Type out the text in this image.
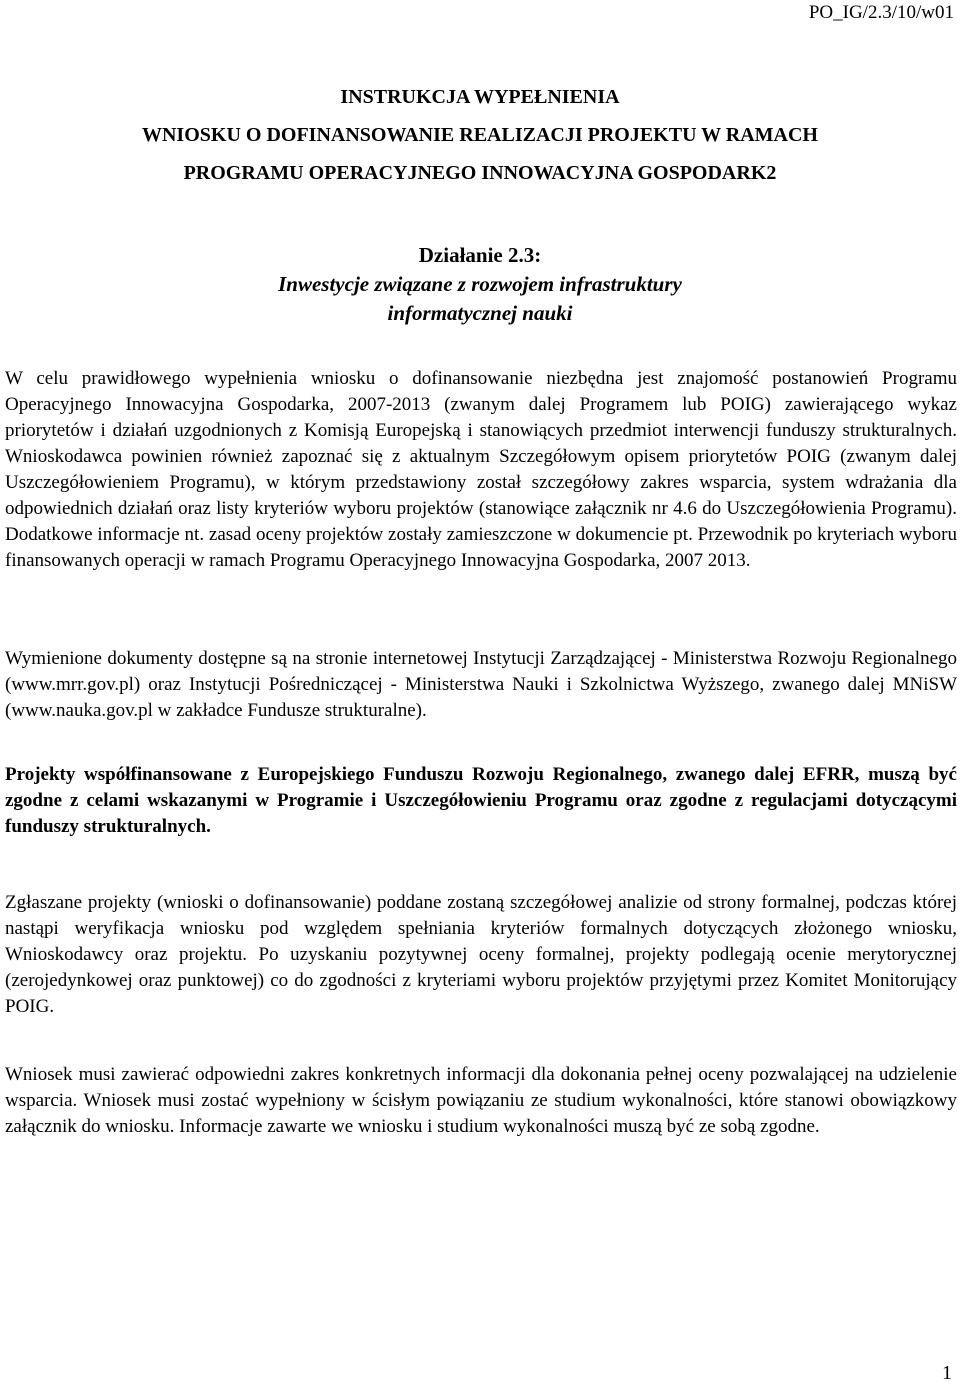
PO_IG/2.3/10/w01
INSTRUKCJA WYPEŁNIENIA
WNIOSKU O DOFINANSOWANIE REALIZACJI PROJEKTU W RAMACH
PROGRAMU OPERACYJNEGO INNOWACYJNA GOSPODARK2
Działanie 2.3:
Inwestycje związane z rozwojem infrastruktury
informatycznej nauki

W celu prawidłowego wypełnienia wniosku o dofinansowanie niezbędna jest znajomość postanowień Programu Operacyjnego Innowacyjna Gospodarka, 2007-2013 (zwanym dalej Programem lub POIG) zawierającego wykaz priorytetów i działań uzgodnionych z Komisją Europejską i stanowiących przedmiot interwencji funduszy strukturalnych. Wnioskodawca powinien również zapoznać się z aktualnym Szczegółowym opisem priorytetów POIG (zwanym dalej Uszczegółowieniem Programu), w którym przedstawiony został szczegółowy zakres wsparcia, system wdrażania dla odpowiednich działań oraz listy kryteriów wyboru projektów (stanowiące załącznik nr 4.6 do Uszczegółowienia Programu). Dodatkowe informacje nt. zasad oceny projektów zostały zamieszczone w dokumencie pt. Przewodnik po kryteriach wyboru finansowanych operacji w ramach Programu Operacyjnego Innowacyjna Gospodarka, 2007 2013.

Wymienione dokumenty dostępne są na stronie internetowej Instytucji Zarządzającej - Ministerstwa Rozwoju Regionalnego (www.mrr.gov.pl) oraz Instytucji Pośredniczącej - Ministerstwa Nauki i Szkolnictwa Wyższego, zwanego dalej MNiSW (www.nauka.gov.pl w zakładce Fundusze strukturalne).

Projekty współfinansowane z Europejskiego Funduszu Rozwoju Regionalnego, zwanego dalej EFRR, muszą być zgodne z celami wskazanymi w Programie i Uszczegółowieniu Programu oraz zgodne z regulacjami dotyczącymi funduszy strukturalnych.

Zgłaszane projekty (wnioski o dofinansowanie) poddane zostaną szczegółowej analizie od strony formalnej, podczas której nastąpi weryfikacja wniosku pod względem spełniania kryteriów formalnych dotyczących złożonego wniosku, Wnioskodawcy oraz projektu. Po uzyskaniu pozytywnej oceny formalnej, projekty podlegają ocenie merytorycznej (zerojedynkowej oraz punktowej) co do zgodności z kryteriami wyboru projektów przyjętymi przez Komitet Monitorujący POIG.

Wniosek musi zawierać odpowiedni zakres konkretnych informacji dla dokonania pełnej oceny pozwalającej na udzielenie wsparcia. Wniosek musi zostać wypełniony w ścisłym powiązaniu ze studium wykonalności, które stanowi obowiązkowy załącznik do wniosku. Informacje zawarte we wniosku i studium wykonalności muszą być ze sobą zgodne.

1
